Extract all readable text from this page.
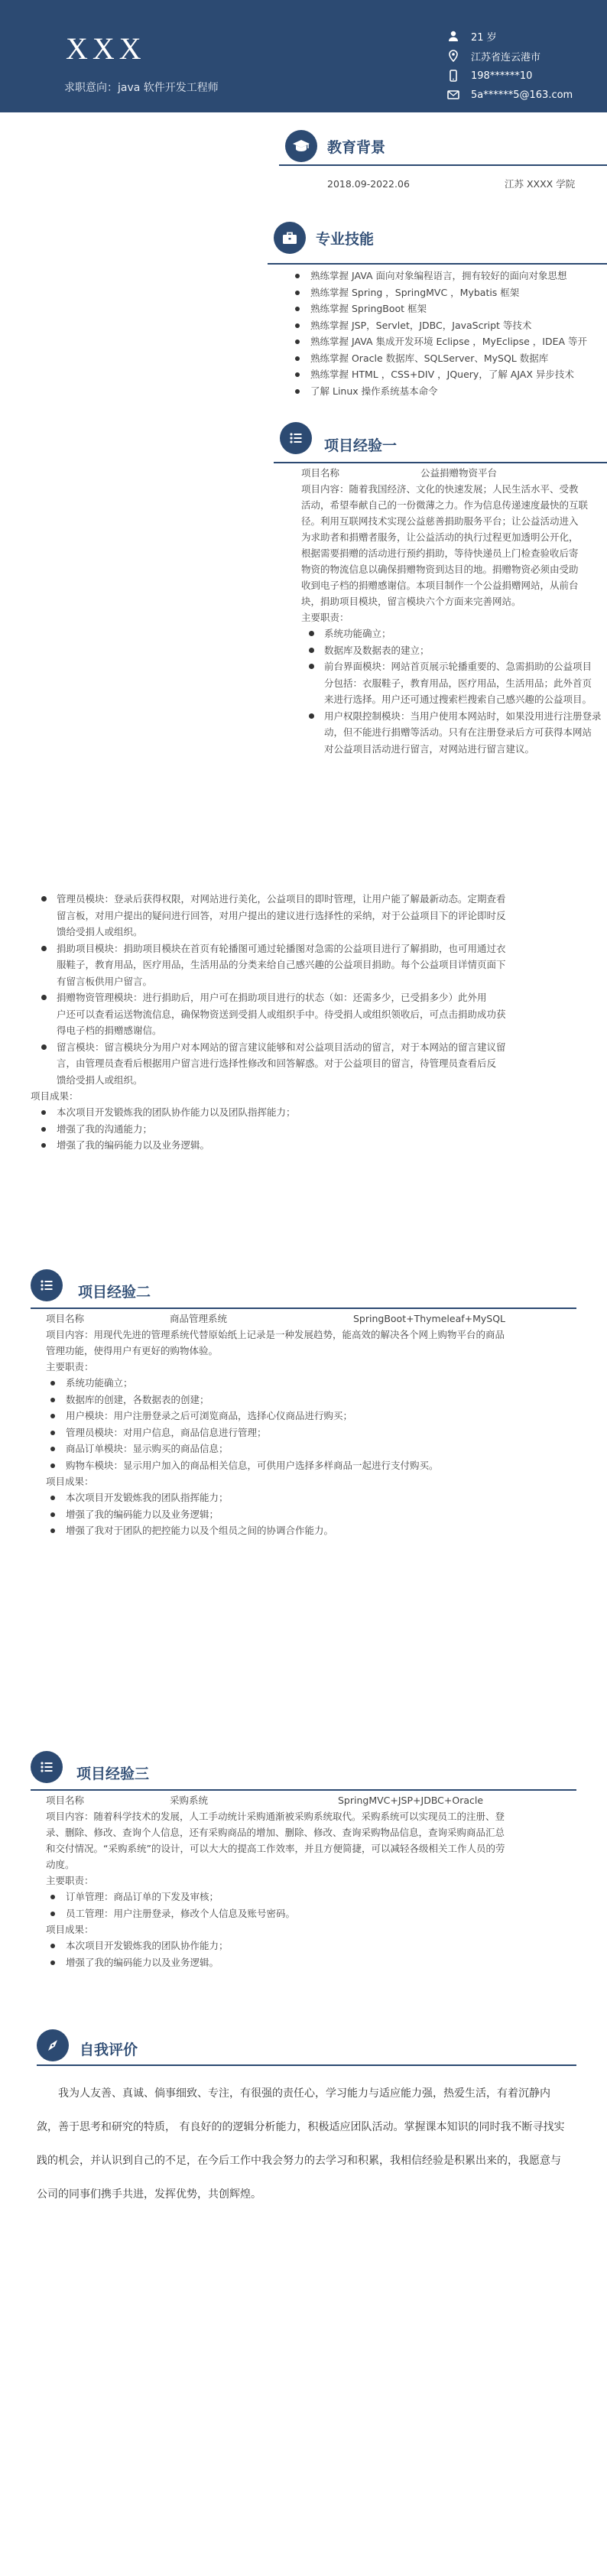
XXX
求职意向：java 软件开发工程师
21 岁
江苏省连云港市
198******10
5a******5@163.com
教育背景
2018.09-2022.06	江苏 XXXX 学院
专业技能
熟练掌握 JAVA 面向对象编程语言，拥有较好的面向对象思想
熟练掌握 Spring ，SpringMVC ，Mybatis 框架
熟练掌握 SpringBoot 框架
熟练掌握 JSP，Servlet，JDBC，JavaScript 等技术
熟练掌握 JAVA 集成开发环境 Eclipse ，MyEclipse ，IDEA 等开
熟练掌握 Oracle 数据库、SQLServer、MySQL 数据库
熟练掌握 HTML ，CSS+DIV ，JQuery，了解 AJAX 异步技术
了解 Linux 操作系统基本命令
项目经验一
项目名称	公益捐赠物资平台
项目内容：随着我国经济、文化的快速发展；人民生活水平、受教
活动，希望奉献自己的一份微薄之力。作为信息传递速度最快的互联
径。利用互联网技术实现公益慈善捐助服务平台；让公益活动进入
为求助者和捐赠者服务，让公益活动的执行过程更加透明公开化，
根据需要捐赠的活动进行预约捐助，等待快递员上门检查验收后寄
物资的物流信息以确保捐赠物资到达目的地。捐赠物资必须由受助
收到电子档的捐赠感谢信。本项目制作一个公益捐赠网站，从前台
块，捐助项目模块，留言模块六个方面来完善网站。
主要职责：
系统功能确立；
数据库及数据表的建立；
前台界面模块：网站首页展示轮播重要的、急需捐助的公益项目
分包括：衣服鞋子，教育用品，医疗用品，生活用品；此外首页
来进行选择。用户还可通过搜索栏搜索自己感兴趣的公益项目。
用户权限控制模块：当用户使用本网站时，如果没用进行注册登录
动，但不能进行捐赠等活动。只有在注册登录后方可获得本网站
对公益项目活动进行留言，对网站进行留言建议。
管理员模块：登录后获得权限，对网站进行美化，公益项目的即时管理，让用户能了解最新动态。定期查看
留言板，对用户提出的疑问进行回答，对用户提出的建议进行选择性的采纳，对于公益项目下的评论即时反
馈给受捐人或组织。
捐助项目模块：捐助项目模块在首页有轮播图可通过轮播图对急需的公益项目进行了解捐助，也可用通过衣
服鞋子，教育用品，医疗用品，生活用品的分类来给自己感兴趣的公益项目捐助。每个公益项目详情页面下
有留言板供用户留言。
捐赠物资管理模块：进行捐助后，用户可在捐助项目进行的状态（如：还需多少，已受捐多少）此外用
户还可以查看运送物流信息，确保物资送到受捐人或组织手中。待受捐人或组织领收后，可点击捐助成功获
得电子档的捐赠感谢信。
留言模块：留言模块分为用户对本网站的留言建议能够和对公益项目活动的留言，对于本网站的留言建议留
言，由管理员查看后根据用户留言进行选择性修改和回答解惑。对于公益项目的留言，待管理员查看后反
馈给受捐人或组织。
项目成果：
本次项目开发锻炼我的团队协作能力以及团队指挥能力；
增强了我的沟通能力；
增强了我的编码能力以及业务逻辑。
项目经验二
项目名称	商品管理系统	SpringBoot+Thymeleaf+MySQL
项目内容：用现代先进的管理系统代替原始纸上记录是一种发展趋势，能高效的解决各个网上购物平台的商品
管理功能，使得用户有更好的购物体验。
主要职责：
系统功能确立；
数据库的创建，各数据表的创建；
用户模块：用户注册登录之后可浏览商品，选择心仪商品进行购买；
管理员模块：对用户信息，商品信息进行管理；
商品订单模块：显示购买的商品信息；
购物车模块：显示用户加入的商品相关信息，可供用户选择多样商品一起进行支付购买。
项目成果：
本次项目开发锻炼我的团队指挥能力；
增强了我的编码能力以及业务逻辑；
增强了我对于团队的把控能力以及个组员之间的协调合作能力。
项目经验三
项目名称	采购系统	SpringMVC+JSP+JDBC+Oracle
项目内容：随着科学技术的发展，人工手动统计采购通渐被采购系统取代。采购系统可以实现员工的注册、登
录、删除、修改、查询个人信息，还有采购商品的增加、删除、修改、查询采购物品信息，查询采购商品汇总
和交付情况。“采购系统”的设计，可以大大的提高工作效率，并且方便简捷，可以减轻各级相关工作人员的劳
动度。
主要职责：
订单管理：商品订单的下发及审核；
员工管理：用户注册登录，修改个人信息及账号密码。
项目成果：
本次项目开发锻炼我的团队协作能力；
增强了我的编码能力以及业务逻辑。
自我评价
我为人友善、真诚、倘事细致、专注，有很强的责任心，学习能力与适应能力强，热爱生活，有着沉静内
敛，善于思考和研究的特质， 有良好的的逻辑分析能力，积极适应团队活动。掌握课本知识的同时我不断寻找实
践的机会，并认识到自己的不足，在今后工作中我会努力的去学习和积累，我相信经验是积累出来的，我愿意与
公司的同事们携手共进，发挥优势，共创辉煌。
